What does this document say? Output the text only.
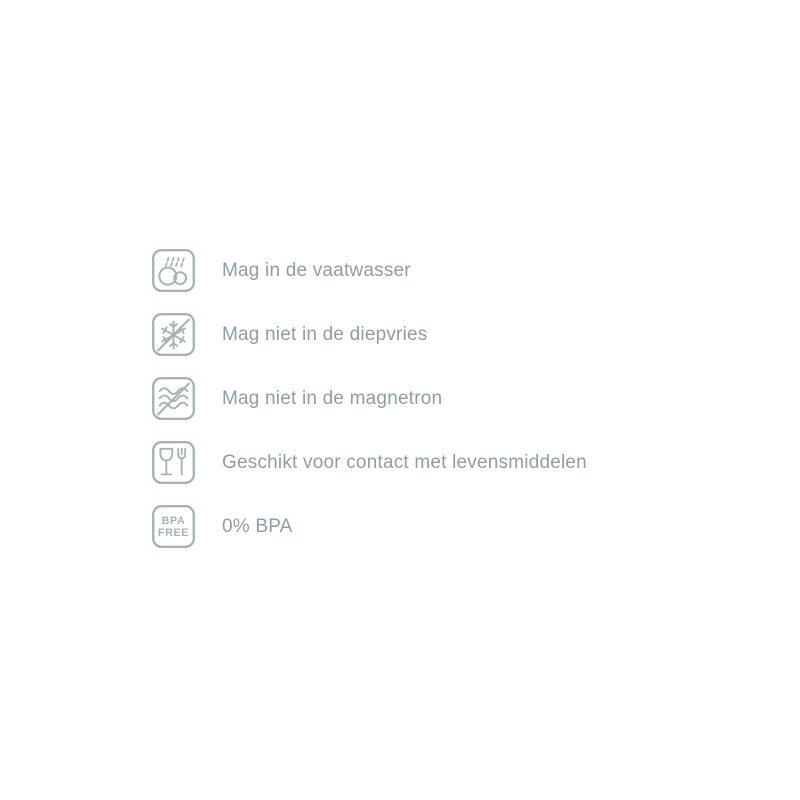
Mag in de vaatwasser
Mag niet in de diepvries
Mag niet in de magnetron
Geschikt voor contact met levensmiddelen
BPA
FREE 0% BPA
